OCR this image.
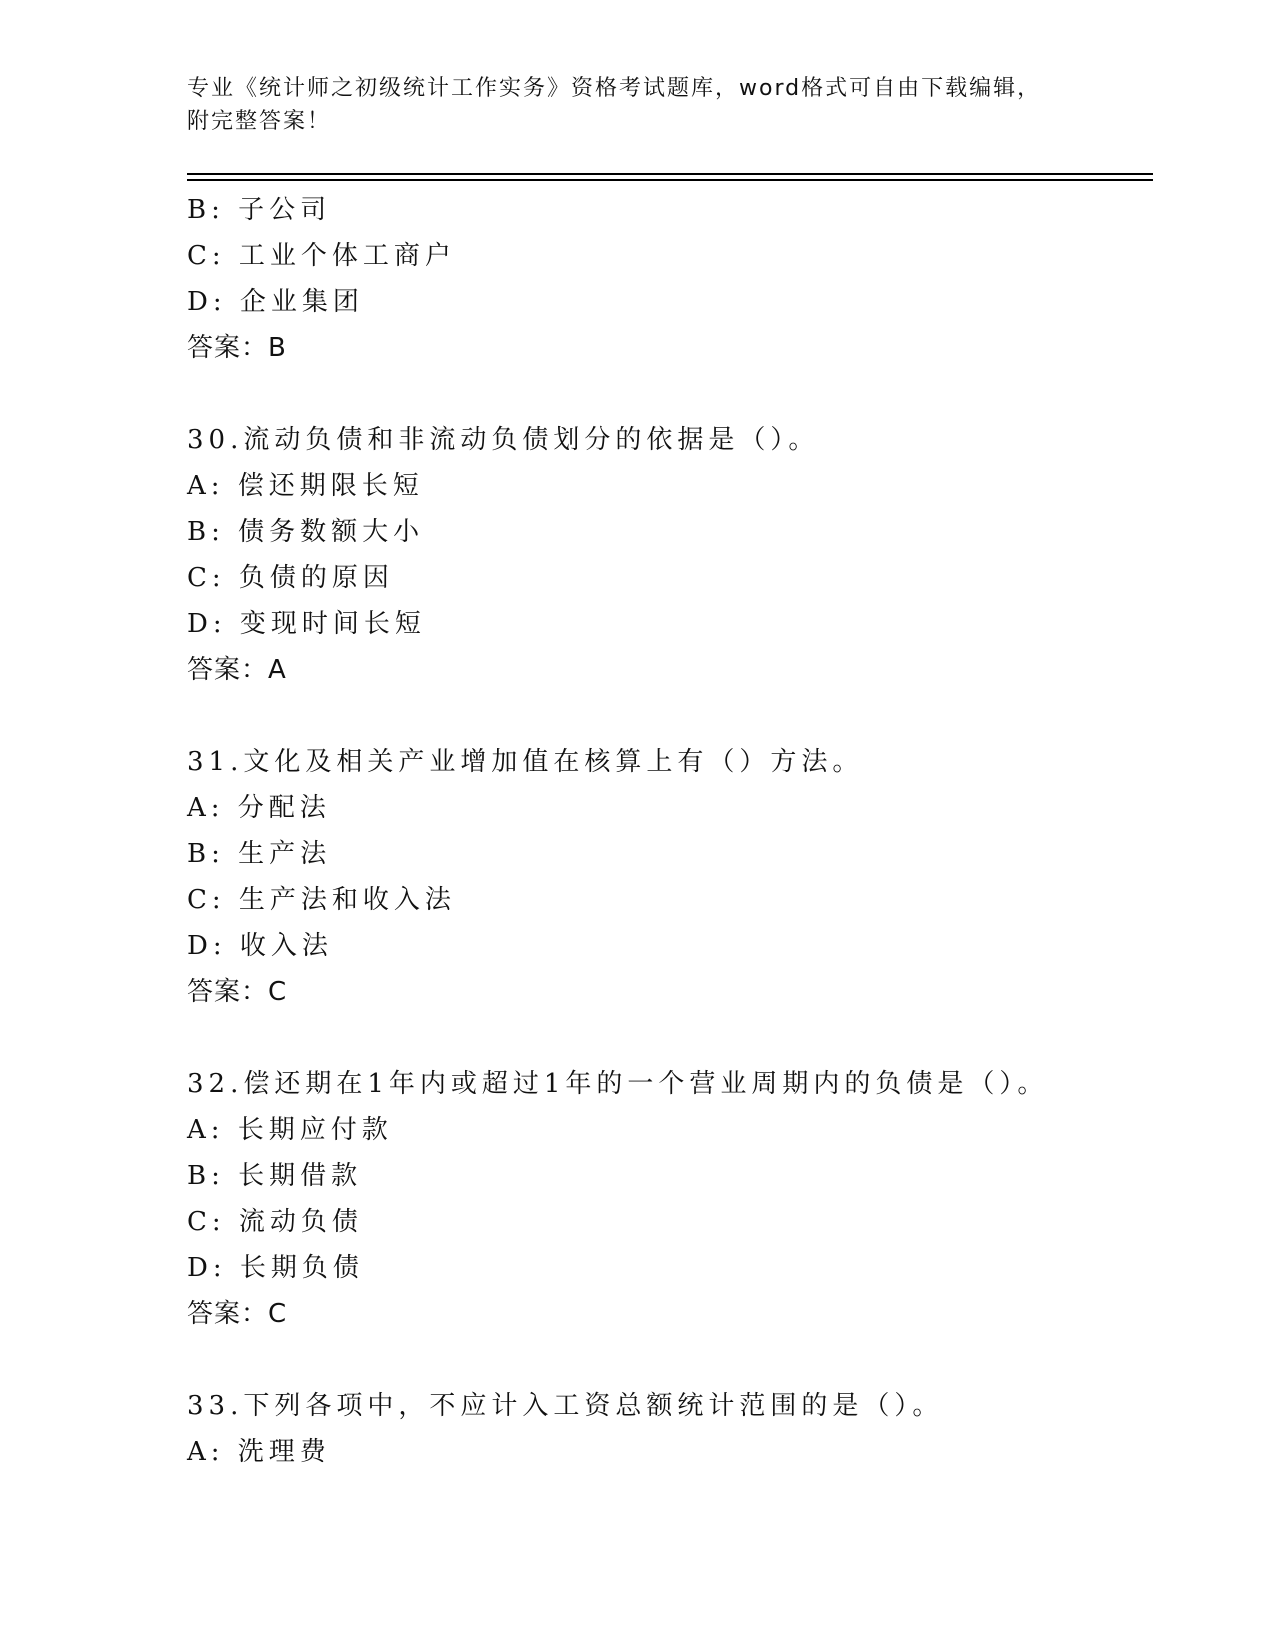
专业《统计师之初级统计工作实务》资格考试题库，word格式可自由下载编辑，
附完整答案！
B: 子公司
C: 工业个体工商户
D: 企业集团
答案：B
30.流动负债和非流动负债划分的依据是（）。
A: 偿还期限长短
B: 债务数额大小
C: 负债的原因
D: 变现时间长短
答案：A
31.文化及相关产业增加值在核算上有（）方法。
A: 分配法
B: 生产法
C: 生产法和收入法
D: 收入法
答案：C
32.偿还期在1年内或超过1年的一个营业周期内的负债是（）。
A: 长期应付款
B: 长期借款
C: 流动负债
D: 长期负债
答案：C
33.下列各项中，不应计入工资总额统计范围的是（）。
A: 洗理费
